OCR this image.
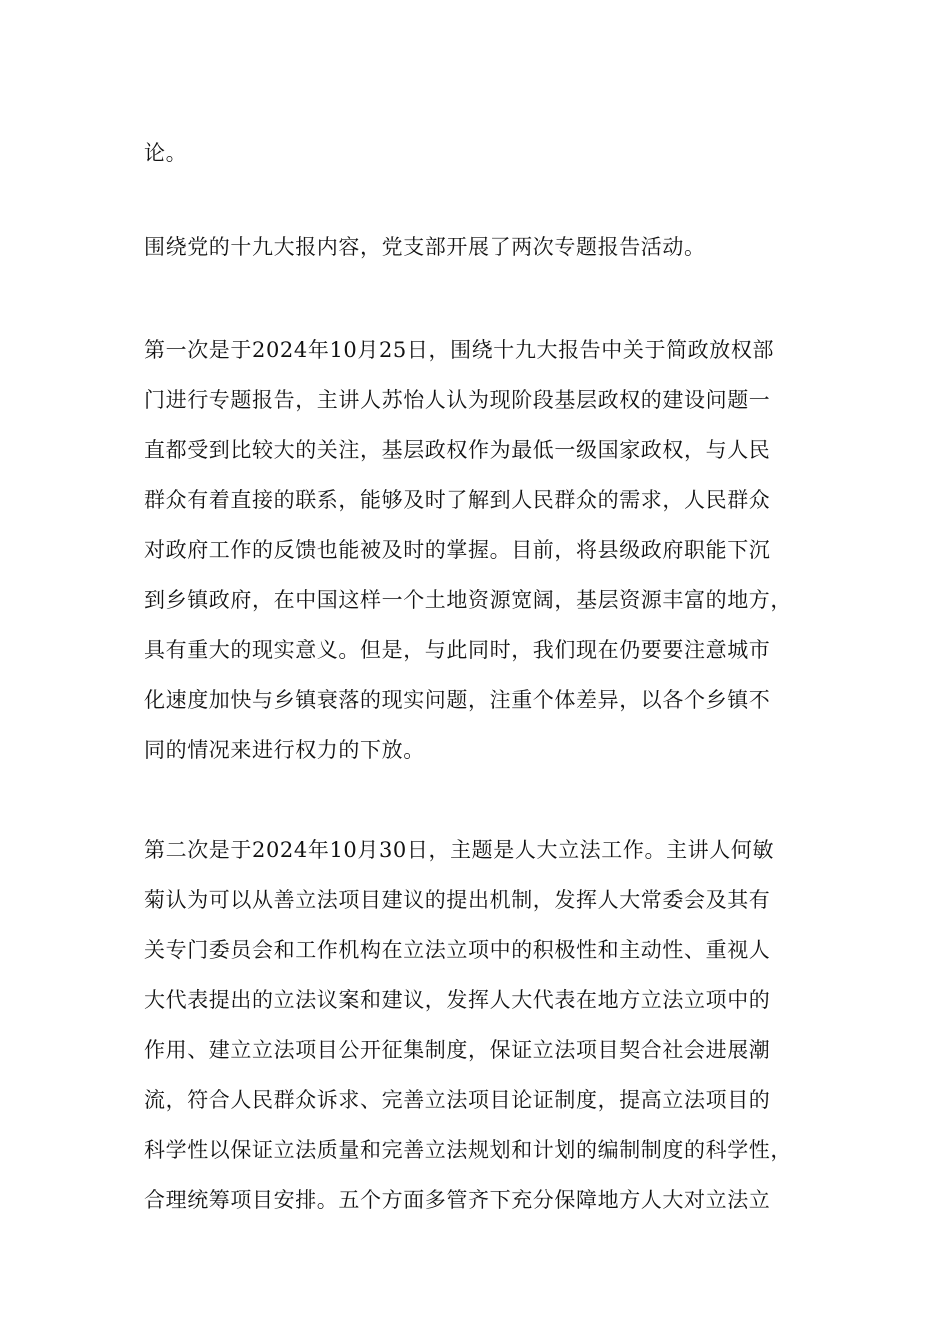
论。
围绕党的十九大报内容，党支部开展了两次专题报告活动。
第一次是于2024年10月25日，围绕十九大报告中关于简政放权部
门进行专题报告，主讲人苏怡人认为现阶段基层政权的建设问题一
直都受到比较大的关注，基层政权作为最低一级国家政权，与人民
群众有着直接的联系，能够及时了解到人民群众的需求，人民群众
对政府工作的反馈也能被及时的掌握。目前，将县级政府职能下沉
到乡镇政府，在中国这样一个土地资源宽阔，基层资源丰富的地方，
具有重大的现实意义。但是，与此同时，我们现在仍要要注意城市
化速度加快与乡镇衰落的现实问题，注重个体差异，以各个乡镇不
同的情况来进行权力的下放。
第二次是于2024年10月30日，主题是人大立法工作。主讲人何敏
菊认为可以从善立法项目建议的提出机制，发挥人大常委会及其有
关专门委员会和工作机构在立法立项中的积极性和主动性、重视人
大代表提出的立法议案和建议，发挥人大代表在地方立法立项中的
作用、建立立法项目公开征集制度，保证立法项目契合社会进展潮
流，符合人民群众诉求、完善立法项目论证制度，提高立法项目的
科学性以保证立法质量和完善立法规划和计划的编制制度的科学性，
合理统筹项目安排。五个方面多管齐下充分保障地方人大对立法立
